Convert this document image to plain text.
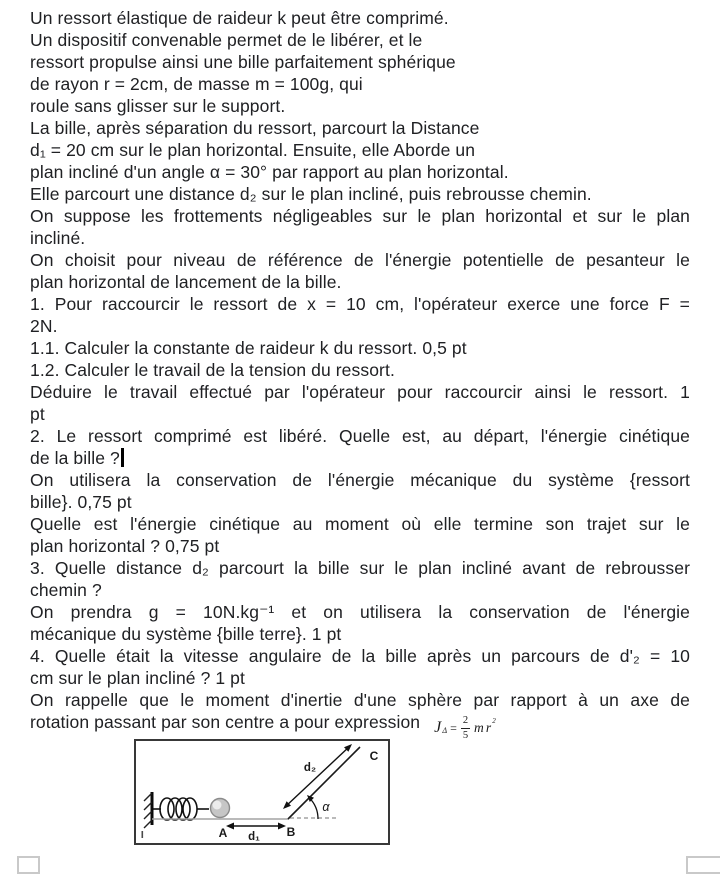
Un ressort élastique de raideur k peut être comprimé.
Un dispositif convenable permet de le libérer, et le
ressort propulse ainsi une bille parfaitement sphérique
de rayon r = 2cm, de masse m = 100g, qui
roule sans glisser sur le support.
La bille, après séparation du ressort, parcourt la Distance
d₁ = 20 cm sur le plan horizontal. Ensuite, elle Aborde un
plan incliné d'un angle α = 30° par rapport au plan horizontal.
Elle parcourt une distance d₂ sur le plan incliné, puis rebrousse chemin.
On suppose les frottements négligeables sur le plan horizontal et sur le plan
incliné.
On choisit pour niveau de référence de l'énergie potentielle de pesanteur le
plan horizontal de lancement de la bille.
1. Pour raccourcir le ressort de x = 10 cm, l'opérateur exerce une force F =
2N.
1.1. Calculer la constante de raideur k du ressort. 0,5 pt
1.2. Calculer le travail de la tension du ressort.
Déduire le travail effectué par l'opérateur pour raccourcir ainsi le ressort. 1
pt
2. Le ressort comprimé est libéré. Quelle est, au départ, l'énergie cinétique
de la bille ?
On utilisera la conservation de l'énergie mécanique du système {ressort
bille}. 0,75 pt
Quelle est l'énergie cinétique au moment où elle termine son trajet sur le
plan horizontal ? 0,75 pt
3. Quelle distance d₂ parcourt la bille sur le plan incliné avant de rebrousser
chemin ?
On prendra g = 10N.kg⁻¹ et on utilisera la conservation de l'énergie
mécanique du système {bille terre}. 1 pt
4. Quelle était la vitesse angulaire de la bille après un parcours de d'₂ = 10
cm sur le plan incliné ? 1 pt
On rappelle que le moment d'inertie d'une sphère par rapport à un axe de
rotation passant par son centre a pour expression J $\Delta = \frac{2}{5}$ m r 2
A d₁ B
C
d₂
α
